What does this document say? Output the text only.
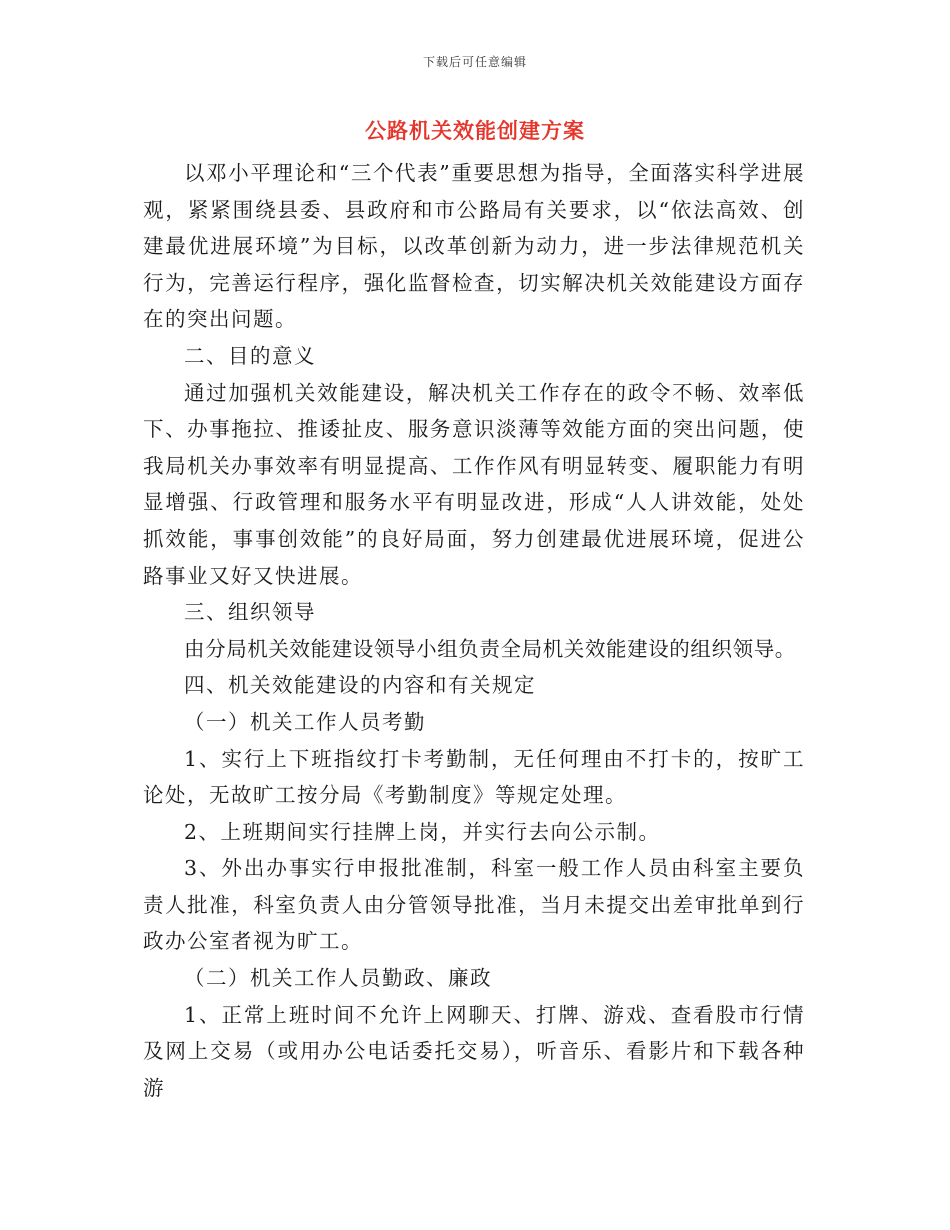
下载后可任意编辑
公路机关效能创建方案

以邓小平理论和“三个代表”重要思想为指导，全面落实科学进展观，紧紧围绕县委、县政府和市公路局有关要求，以“依法高效、创建最优进展环境”为目标，以改革创新为动力，进一步法律规范机关行为，完善运行程序，强化监督检查，切实解决机关效能建设方面存在的突出问题。

二、目的意义

通过加强机关效能建设，解决机关工作存在的政令不畅、效率低下、办事拖拉、推诿扯皮、服务意识淡薄等效能方面的突出问题，使我局机关办事效率有明显提高、工作作风有明显转变、履职能力有明显增强、行政管理和服务水平有明显改进，形成“人人讲效能，处处抓效能，事事创效能”的良好局面，努力创建最优进展环境，促进公路事业又好又快进展。

三、组织领导

由分局机关效能建设领导小组负责全局机关效能建设的组织领导。

四、机关效能建设的内容和有关规定

（一）机关工作人员考勤

1、实行上下班指纹打卡考勤制，无任何理由不打卡的，按旷工论处，无故旷工按分局《考勤制度》等规定处理。

2、上班期间实行挂牌上岗，并实行去向公示制。

3、外出办事实行申报批准制，科室一般工作人员由科室主要负责人批准，科室负责人由分管领导批准，当月未提交出差审批单到行政办公室者视为旷工。

（二）机关工作人员勤政、廉政

1、正常上班时间不允许上网聊天、打牌、游戏、查看股市行情及网上交易（或用办公电话委托交易），听音乐、看影片和下载各种游
